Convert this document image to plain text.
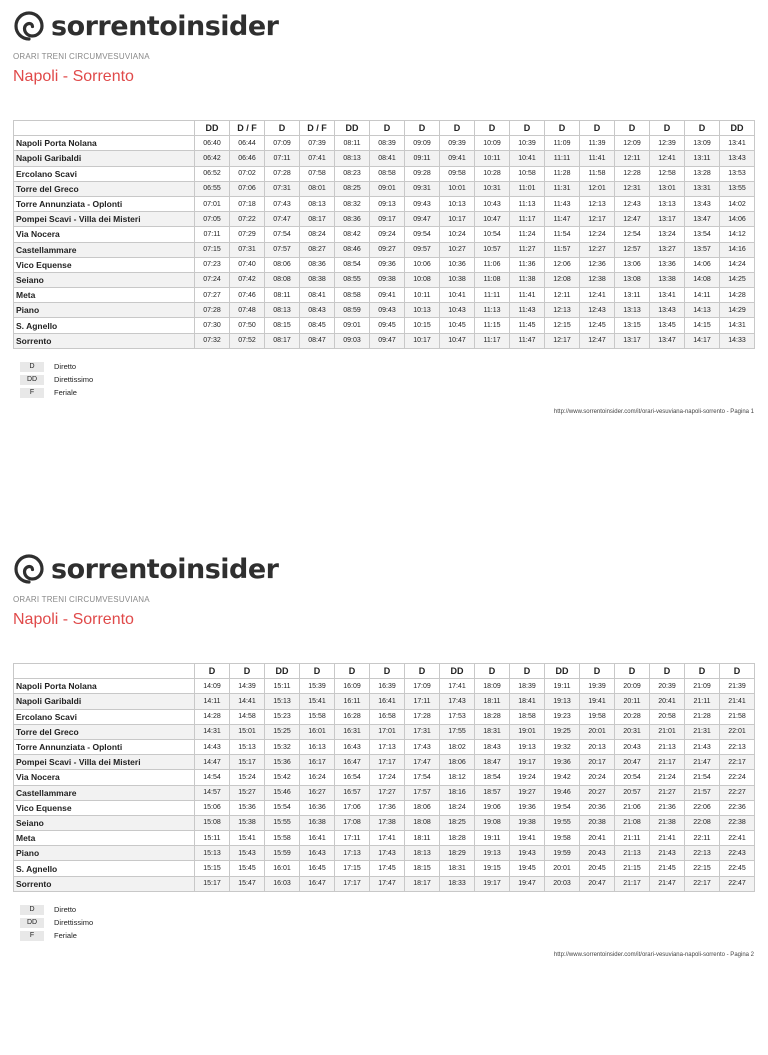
sorrentoinsider
ORARI TRENI CIRCUMVESUVIANA
Napoli - Sorrento
	DD	D / F	D	D / F	DD	D	D	D	D	D	D	D	D	D	D	DD
Napoli Porta Nolana	06:40	06:44	07:09	07:39	08:11	08:39	09:09	09:39	10:09	10:39	11:09	11:39	12:09	12:39	13:09	13:41
Napoli Garibaldi	06:42	06:46	07:11	07:41	08:13	08:41	09:11	09:41	10:11	10:41	11:11	11:41	12:11	12:41	13:11	13:43
Ercolano Scavi	06:52	07:02	07:28	07:58	08:23	08:58	09:28	09:58	10:28	10:58	11:28	11:58	12:28	12:58	13:28	13:53
Torre del Greco	06:55	07:06	07:31	08:01	08:25	09:01	09:31	10:01	10:31	11:01	11:31	12:01	12:31	13:01	13:31	13:55
Torre Annunziata - Oplonti	07:01	07:18	07:43	08:13	08:32	09:13	09:43	10:13	10:43	11:13	11:43	12:13	12:43	13:13	13:43	14:02
Pompei Scavi - Villa dei Misteri	07:05	07:22	07:47	08:17	08:36	09:17	09:47	10:17	10:47	11:17	11:47	12:17	12:47	13:17	13:47	14:06
Via Nocera	07:11	07:29	07:54	08:24	08:42	09:24	09:54	10:24	10:54	11:24	11:54	12:24	12:54	13:24	13:54	14:12
Castellammare	07:15	07:31	07:57	08:27	08:46	09:27	09:57	10:27	10:57	11:27	11:57	12:27	12:57	13:27	13:57	14:16
Vico Equense	07:23	07:40	08:06	08:36	08:54	09:36	10:06	10:36	11:06	11:36	12:06	12:36	13:06	13:36	14:06	14:24
Seiano	07:24	07:42	08:08	08:38	08:55	09:38	10:08	10:38	11:08	11:38	12:08	12:38	13:08	13:38	14:08	14:25
Meta	07:27	07:46	08:11	08:41	08:58	09:41	10:11	10:41	11:11	11:41	12:11	12:41	13:11	13:41	14:11	14:28
Piano	07:28	07:48	08:13	08:43	08:59	09:43	10:13	10:43	11:13	11:43	12:13	12:43	13:13	13:43	14:13	14:29
S. Agnello	07:30	07:50	08:15	08:45	09:01	09:45	10:15	10:45	11:15	11:45	12:15	12:45	13:15	13:45	14:15	14:31
Sorrento	07:32	07:52	08:17	08:47	09:03	09:47	10:17	10:47	11:17	11:47	12:17	12:47	13:17	13:47	14:17	14:33
D	Diretto
DD	Direttissimo
F	Feriale
http://www.sorrentoinsider.com/it/orari-vesuviana-napoli-sorrento - Pagina 1
sorrentoinsider
ORARI TRENI CIRCUMVESUVIANA
Napoli - Sorrento
	D	D	DD	D	D	D	D	DD	D	D	DD	D	D	D	D	D
Napoli Porta Nolana	14:09	14:39	15:11	15:39	16:09	16:39	17:09	17:41	18:09	18:39	19:11	19:39	20:09	20:39	21:09	21:39
Napoli Garibaldi	14:11	14:41	15:13	15:41	16:11	16:41	17:11	17:43	18:11	18:41	19:13	19:41	20:11	20:41	21:11	21:41
Ercolano Scavi	14:28	14:58	15:23	15:58	16:28	16:58	17:28	17:53	18:28	18:58	19:23	19:58	20:28	20:58	21:28	21:58
Torre del Greco	14:31	15:01	15:25	16:01	16:31	17:01	17:31	17:55	18:31	19:01	19:25	20:01	20:31	21:01	21:31	22:01
Torre Annunziata - Oplonti	14:43	15:13	15:32	16:13	16:43	17:13	17:43	18:02	18:43	19:13	19:32	20:13	20:43	21:13	21:43	22:13
Pompei Scavi - Villa dei Misteri	14:47	15:17	15:36	16:17	16:47	17:17	17:47	18:06	18:47	19:17	19:36	20:17	20:47	21:17	21:47	22:17
Via Nocera	14:54	15:24	15:42	16:24	16:54	17:24	17:54	18:12	18:54	19:24	19:42	20:24	20:54	21:24	21:54	22:24
Castellammare	14:57	15:27	15:46	16:27	16:57	17:27	17:57	18:16	18:57	19:27	19:46	20:27	20:57	21:27	21:57	22:27
Vico Equense	15:06	15:36	15:54	16:36	17:06	17:36	18:06	18:24	19:06	19:36	19:54	20:36	21:06	21:36	22:06	22:36
Seiano	15:08	15:38	15:55	16:38	17:08	17:38	18:08	18:25	19:08	19:38	19:55	20:38	21:08	21:38	22:08	22:38
Meta	15:11	15:41	15:58	16:41	17:11	17:41	18:11	18:28	19:11	19:41	19:58	20:41	21:11	21:41	22:11	22:41
Piano	15:13	15:43	15:59	16:43	17:13	17:43	18:13	18:29	19:13	19:43	19:59	20:43	21:13	21:43	22:13	22:43
S. Agnello	15:15	15:45	16:01	16:45	17:15	17:45	18:15	18:31	19:15	19:45	20:01	20:45	21:15	21:45	22:15	22:45
Sorrento	15:17	15:47	16:03	16:47	17:17	17:47	18:17	18:33	19:17	19:47	20:03	20:47	21:17	21:47	22:17	22:47
D	Diretto
DD	Direttissimo
F	Feriale
http://www.sorrentoinsider.com/it/orari-vesuviana-napoli-sorrento - Pagina 2
